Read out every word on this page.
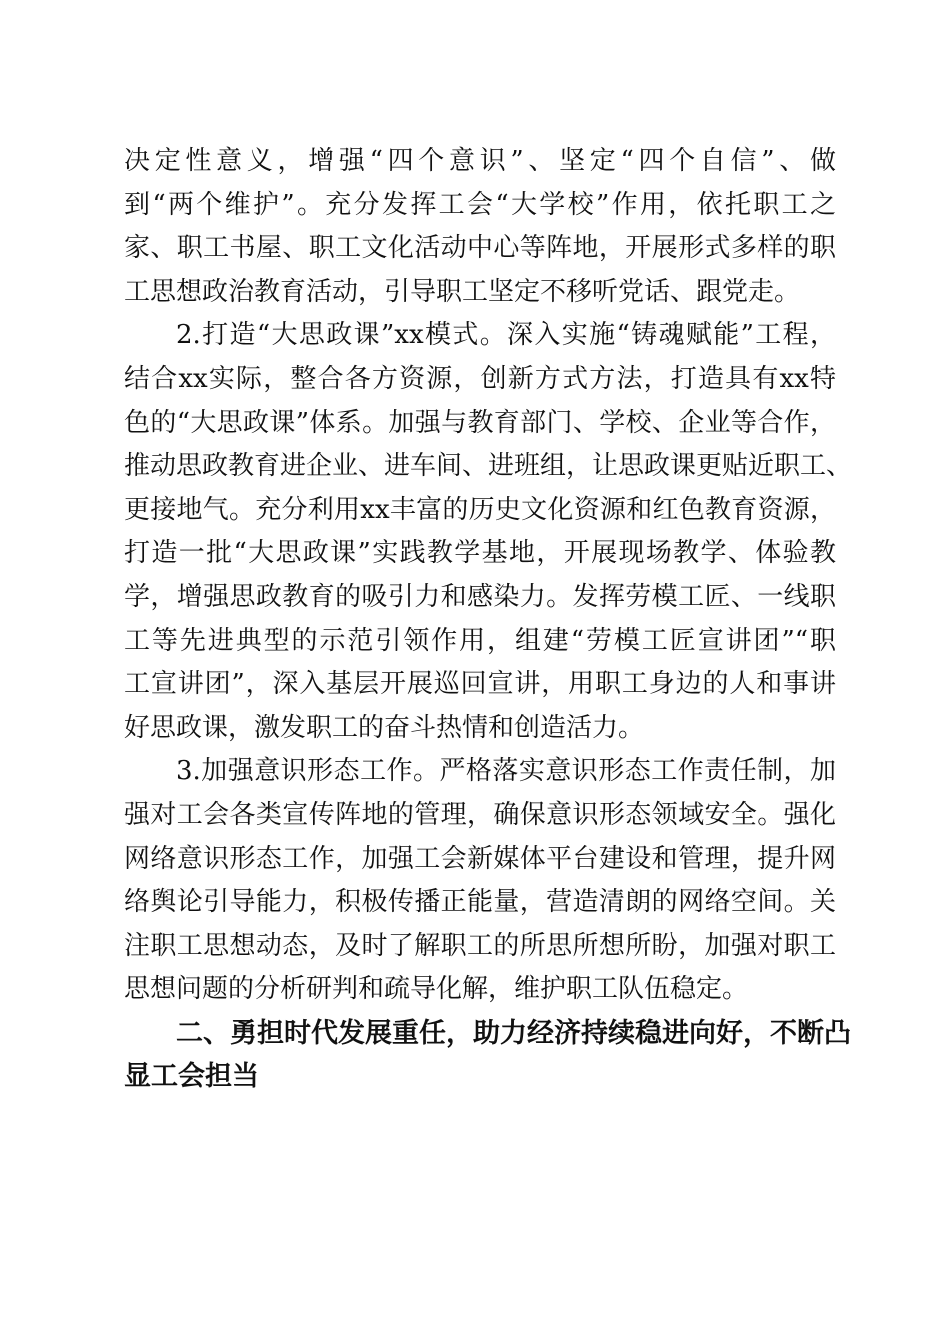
决定性意义，增强“四个意识”、坚定“四个自信”、做
到“两个维护”。充分发挥工会“大学校”作用，依托职工之
家、职工书屋、职工文化活动中心等阵地，开展形式多样的职
工思想政治教育活动，引导职工坚定不移听党话、跟党走。
2.打造“大思政课”xx模式。深入实施“铸魂赋能”工程，
结合xx实际，整合各方资源，创新方式方法，打造具有xx特
色的“大思政课”体系。加强与教育部门、学校、企业等合作，
推动思政教育进企业、进车间、进班组，让思政课更贴近职工、
更接地气。充分利用xx丰富的历史文化资源和红色教育资源，
打造一批“大思政课”实践教学基地，开展现场教学、体验教
学，增强思政教育的吸引力和感染力。发挥劳模工匠、一线职
工等先进典型的示范引领作用，组建“劳模工匠宣讲团”“职
工宣讲团”，深入基层开展巡回宣讲，用职工身边的人和事讲
好思政课，激发职工的奋斗热情和创造活力。
3.加强意识形态工作。严格落实意识形态工作责任制，加
强对工会各类宣传阵地的管理，确保意识形态领域安全。强化
网络意识形态工作，加强工会新媒体平台建设和管理，提升网
络舆论引导能力，积极传播正能量，营造清朗的网络空间。关
注职工思想动态，及时了解职工的所思所想所盼，加强对职工
思想问题的分析研判和疏导化解，维护职工队伍稳定。
二、勇担时代发展重任，助力经济持续稳进向好，不断凸
显工会担当
